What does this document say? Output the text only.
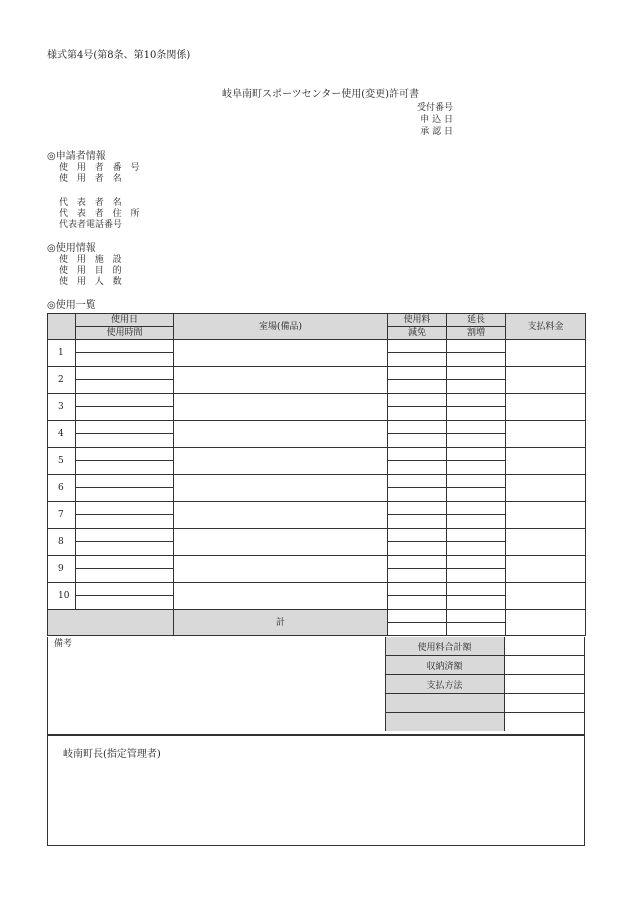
様式第4号(第8条、第10条関係)
岐阜南町スポーツセンター使用(変更)許可書
受付番号
申 込 日
承 認 日
◎申請者情報
使 用 者 番 号
使 用 者 名
代 表 者 名
代 表 者 住 所
代表者電話番号
◎使用情報
使 用 施 設
使 用 目 的
使 用 人 数
◎使用一覧
	使用日	室場(備品)	使用料	延長	支払料金
	使用時間		減免	割増	
1					

2					

3					

4					

5					

6					

7					

8					

9					

10					

		計			

備考	使用料合計額	
収納済額	
支払方法	

岐南町長(指定管理者)
